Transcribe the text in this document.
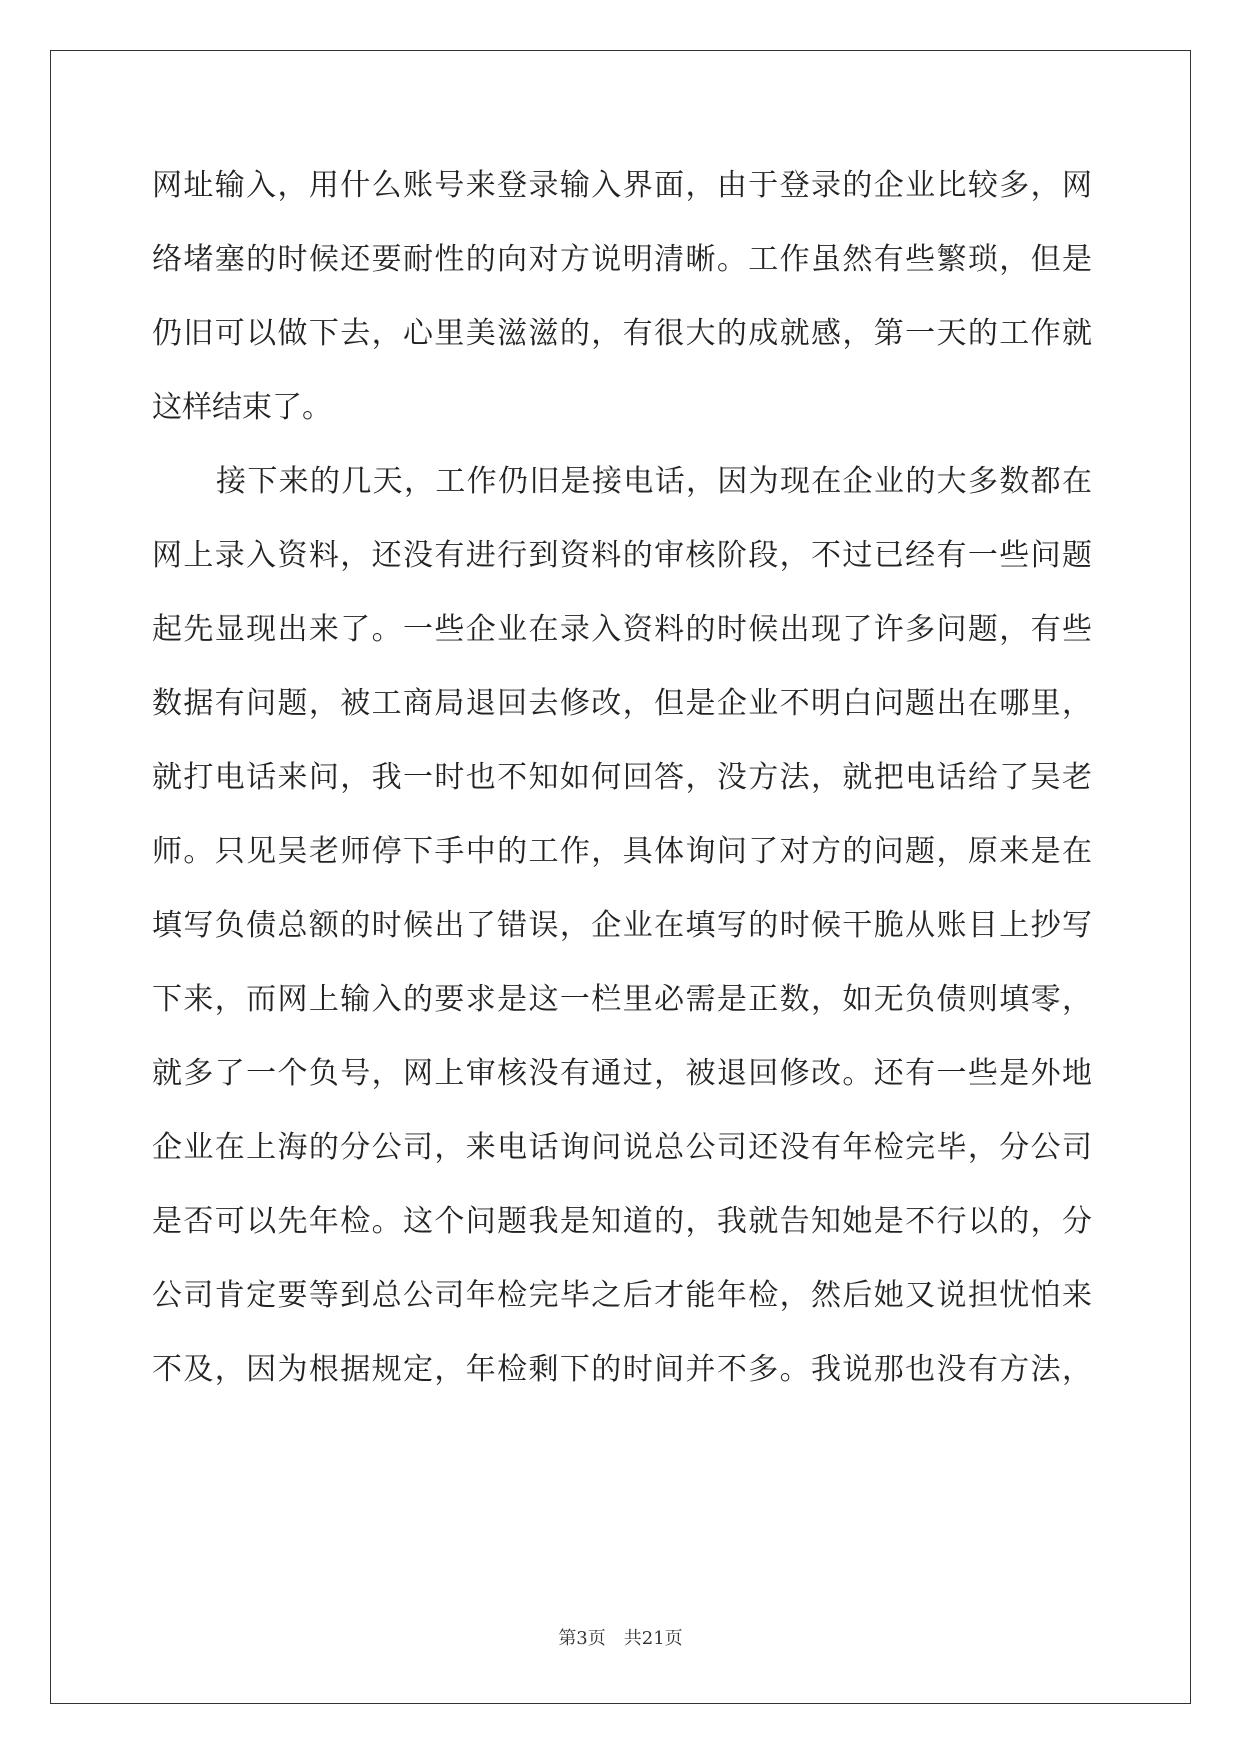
网址输入，用什么账号来登录输入界面，由于登录的企业比较多，网
络堵塞的时候还要耐性的向对方说明清晰。工作虽然有些繁琐，但是
仍旧可以做下去，心里美滋滋的，有很大的成就感，第一天的工作就
这样结束了。
接下来的几天，工作仍旧是接电话，因为现在企业的大多数都在
网上录入资料，还没有进行到资料的审核阶段，不过已经有一些问题
起先显现出来了。一些企业在录入资料的时候出现了许多问题，有些
数据有问题，被工商局退回去修改，但是企业不明白问题出在哪里，
就打电话来问，我一时也不知如何回答，没方法，就把电话给了吴老
师。只见吴老师停下手中的工作，具体询问了对方的问题，原来是在
填写负债总额的时候出了错误，企业在填写的时候干脆从账目上抄写
下来，而网上输入的要求是这一栏里必需是正数，如无负债则填零，
就多了一个负号，网上审核没有通过，被退回修改。还有一些是外地
企业在上海的分公司，来电话询问说总公司还没有年检完毕，分公司
是否可以先年检。这个问题我是知道的，我就告知她是不行以的，分
公司肯定要等到总公司年检完毕之后才能年检，然后她又说担忧怕来
不及，因为根据规定，年检剩下的时间并不多。我说那也没有方法，
第3页 共21页
